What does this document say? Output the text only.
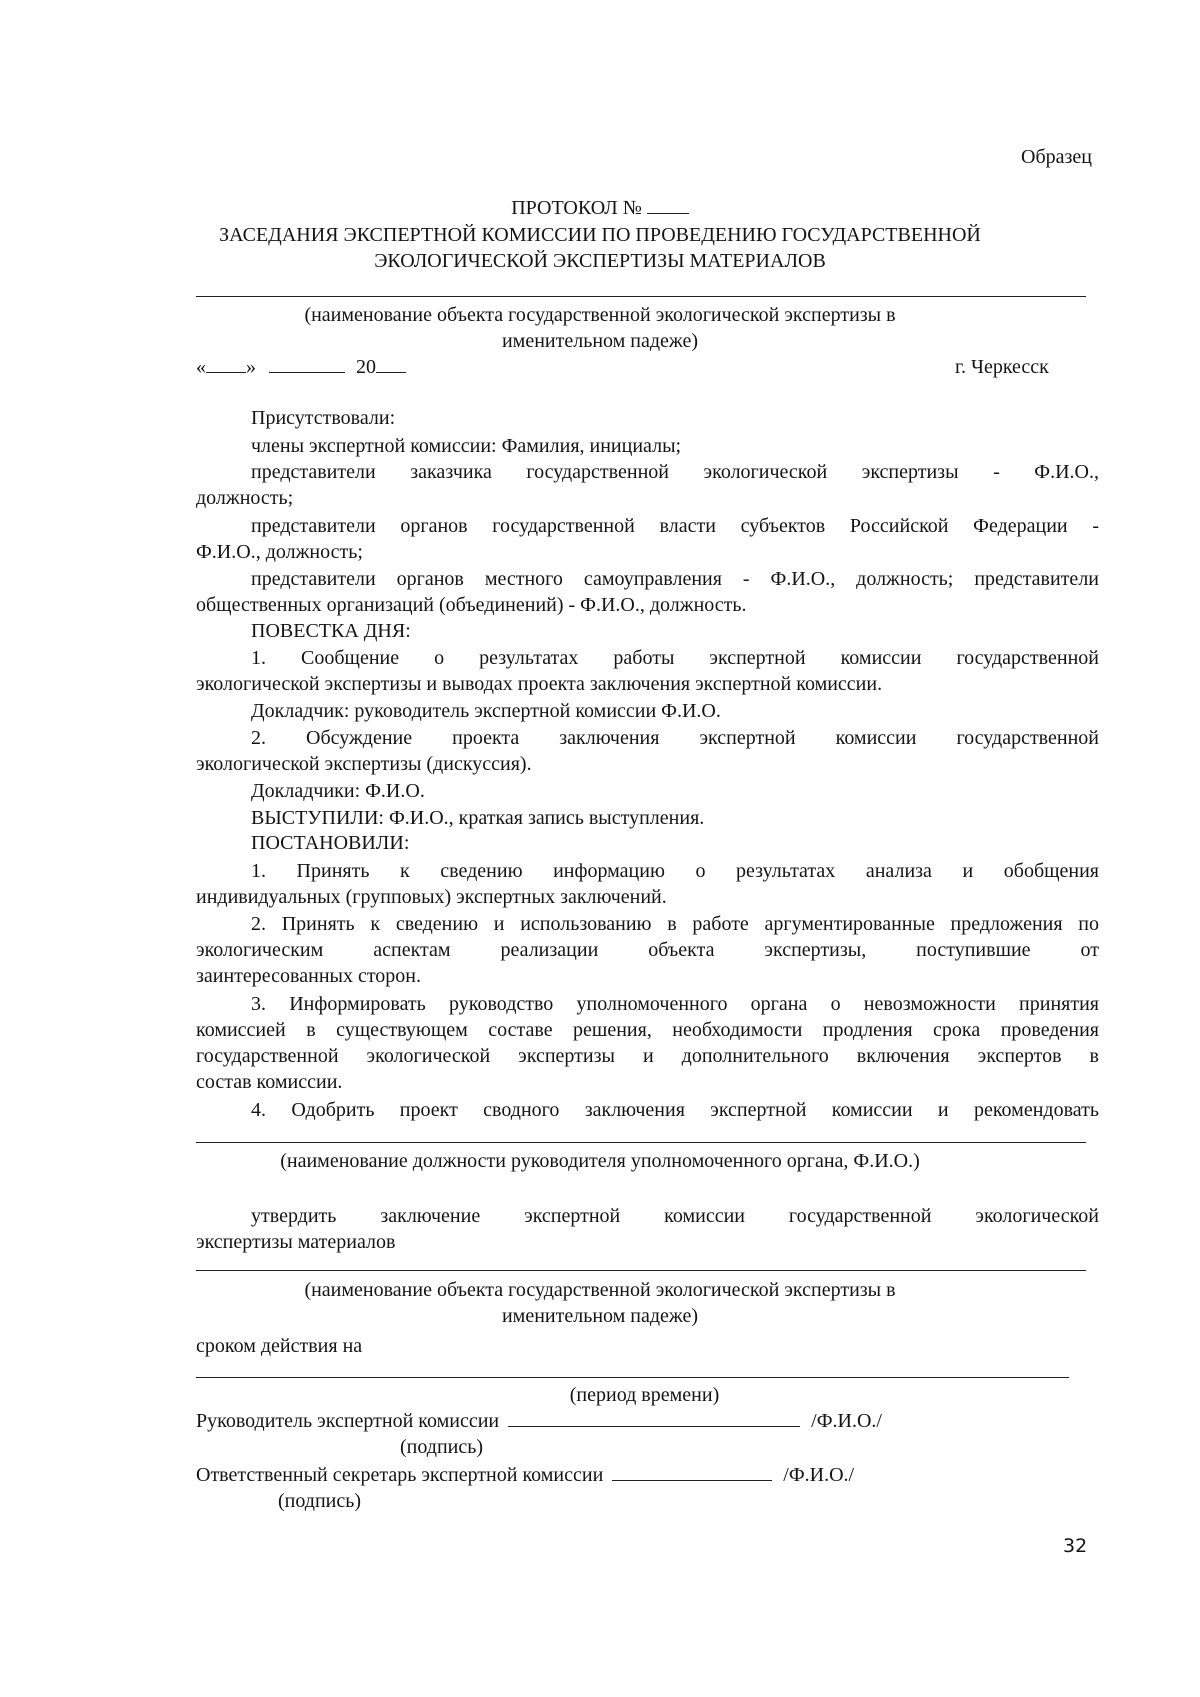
Образец
ПРОТОКОЛ №
ЗАСЕДАНИЯ ЭКСПЕРТНОЙ КОМИССИИ ПО ПРОВЕДЕНИЮ ГОСУДАРСТВЕННОЙ
ЭКОЛОГИЧЕСКОЙ ЭКСПЕРТИЗЫ МАТЕРИАЛОВ
(наименование объекта государственной экологической экспертизы в
именительном падеже)
« »	20	г. Черкесск
Присутствовали:
члены экспертной комиссии: Фамилия, инициалы;
представители заказчика государственной экологической экспертизы - Ф.И.О.,
должность;
представители органов государственной власти субъектов Российской Федерации -
Ф.И.О., должность;
представители органов местного самоуправления - Ф.И.О., должность; представители
общественных организаций (объединений) - Ф.И.О., должность.
ПОВЕСТКА ДНЯ:
1. Сообщение о результатах работы экспертной комиссии государственной
экологической экспертизы и выводах проекта заключения экспертной комиссии.
Докладчик: руководитель экспертной комиссии Ф.И.О.
2. Обсуждение проекта заключения экспертной комиссии государственной
экологической экспертизы (дискуссия).
Докладчики: Ф.И.О.
ВЫСТУПИЛИ: Ф.И.О., краткая запись выступления.
ПОСТАНОВИЛИ:
1. Принять к сведению информацию о результатах анализа и обобщения
индивидуальных (групповых) экспертных заключений.
2. Принять к сведению и использованию в работе аргументированные предложения по
экологическим аспектам реализации объекта экспертизы, поступившие от
заинтересованных сторон.
3. Информировать руководство уполномоченного органа о невозможности принятия
комиссией в существующем составе решения, необходимости продления срока проведения
государственной экологической экспертизы и дополнительного включения экспертов в
состав комиссии.
4. Одобрить проект сводного заключения экспертной комиссии и рекомендовать
(наименование должности руководителя уполномоченного органа, Ф.И.О.)
утвердить заключение экспертной комиссии государственной экологической
экспертизы материалов
(наименование объекта государственной экологической экспертизы в
именительном падеже)
сроком действия на
(период времени)
Руководитель экспертной комиссии	/Ф.И.О./
(подпись)
Ответственный секретарь экспертной комиссии	/Ф.И.О./
(подпись)
32
